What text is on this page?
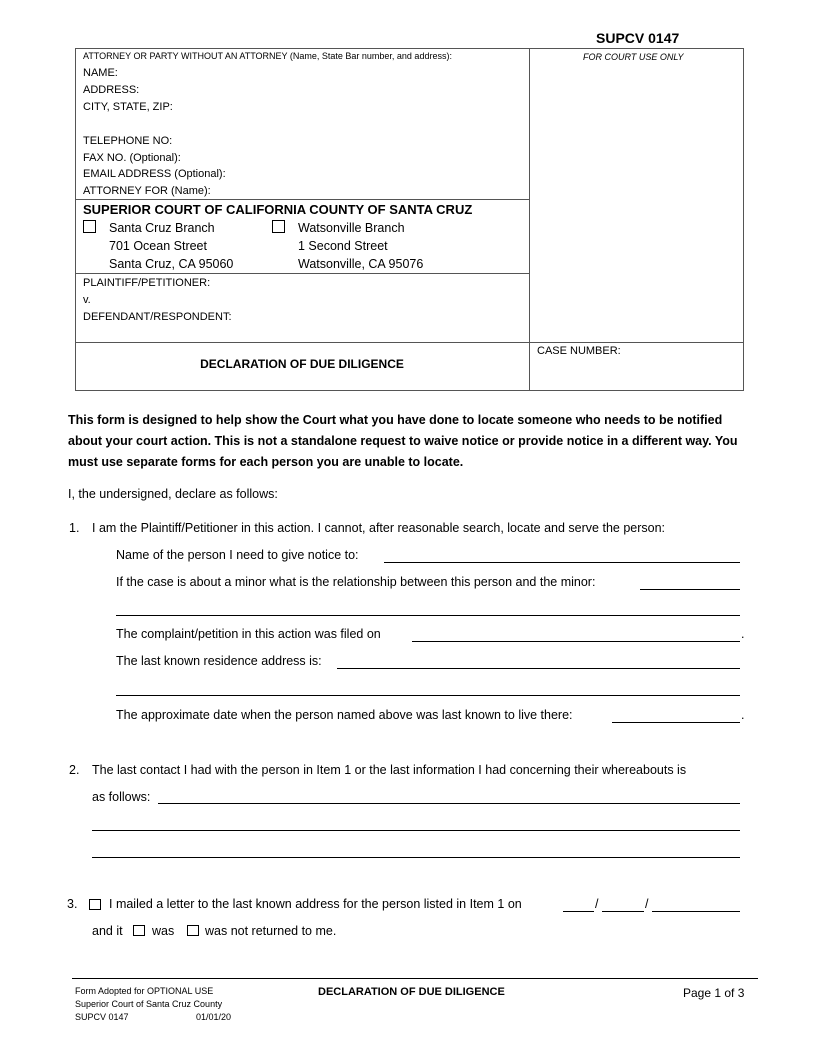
SUPCV 0147
ATTORNEY OR PARTY WITHOUT AN ATTORNEY (Name, State Bar number, and address):	FOR COURT USE ONLY
NAME:
ADDRESS:
CITY, STATE, ZIP:
TELEPHONE NO:
FAX NO. (Optional):
EMAIL ADDRESS (Optional):
ATTORNEY FOR (Name):
SUPERIOR COURT OF CALIFORNIA COUNTY OF SANTA CRUZ
Santa Cruz Branch
701 Ocean Street
Santa Cruz, CA 95060
Watsonville Branch
1 Second Street
Watsonville, CA 95076
PLAINTIFF/PETITIONER:
v.
DEFENDANT/RESPONDENT:
CASE NUMBER:
DECLARATION OF DUE DILIGENCE
This form is designed to help show the Court what you have done to locate someone who needs to be notified about your court action. This is not a standalone request to waive notice or provide notice in a different way. You must use separate forms for each person you are unable to locate.
I, the undersigned, declare as follows:
1. I am the Plaintiff/Petitioner in this action. I cannot, after reasonable search, locate and serve the person:
Name of the person I need to give notice to:
If the case is about a minor what is the relationship between this person and the minor:
The complaint/petition in this action was filed on	.
The last known residence address is:
The approximate date when the person named above was last known to live there:	.
2. The last contact I had with the person in Item 1 or the last information I had concerning their whereabouts is
as follows:
3.	I mailed a letter to the last known address for the person listed in Item 1 on	/	/
and it was was not returned to me.
Form Adopted for OPTIONAL USE
Superior Court of Santa Cruz County
SUPCV 0147	01/01/20
DECLARATION OF DUE DILIGENCE	Page 1 of 3
